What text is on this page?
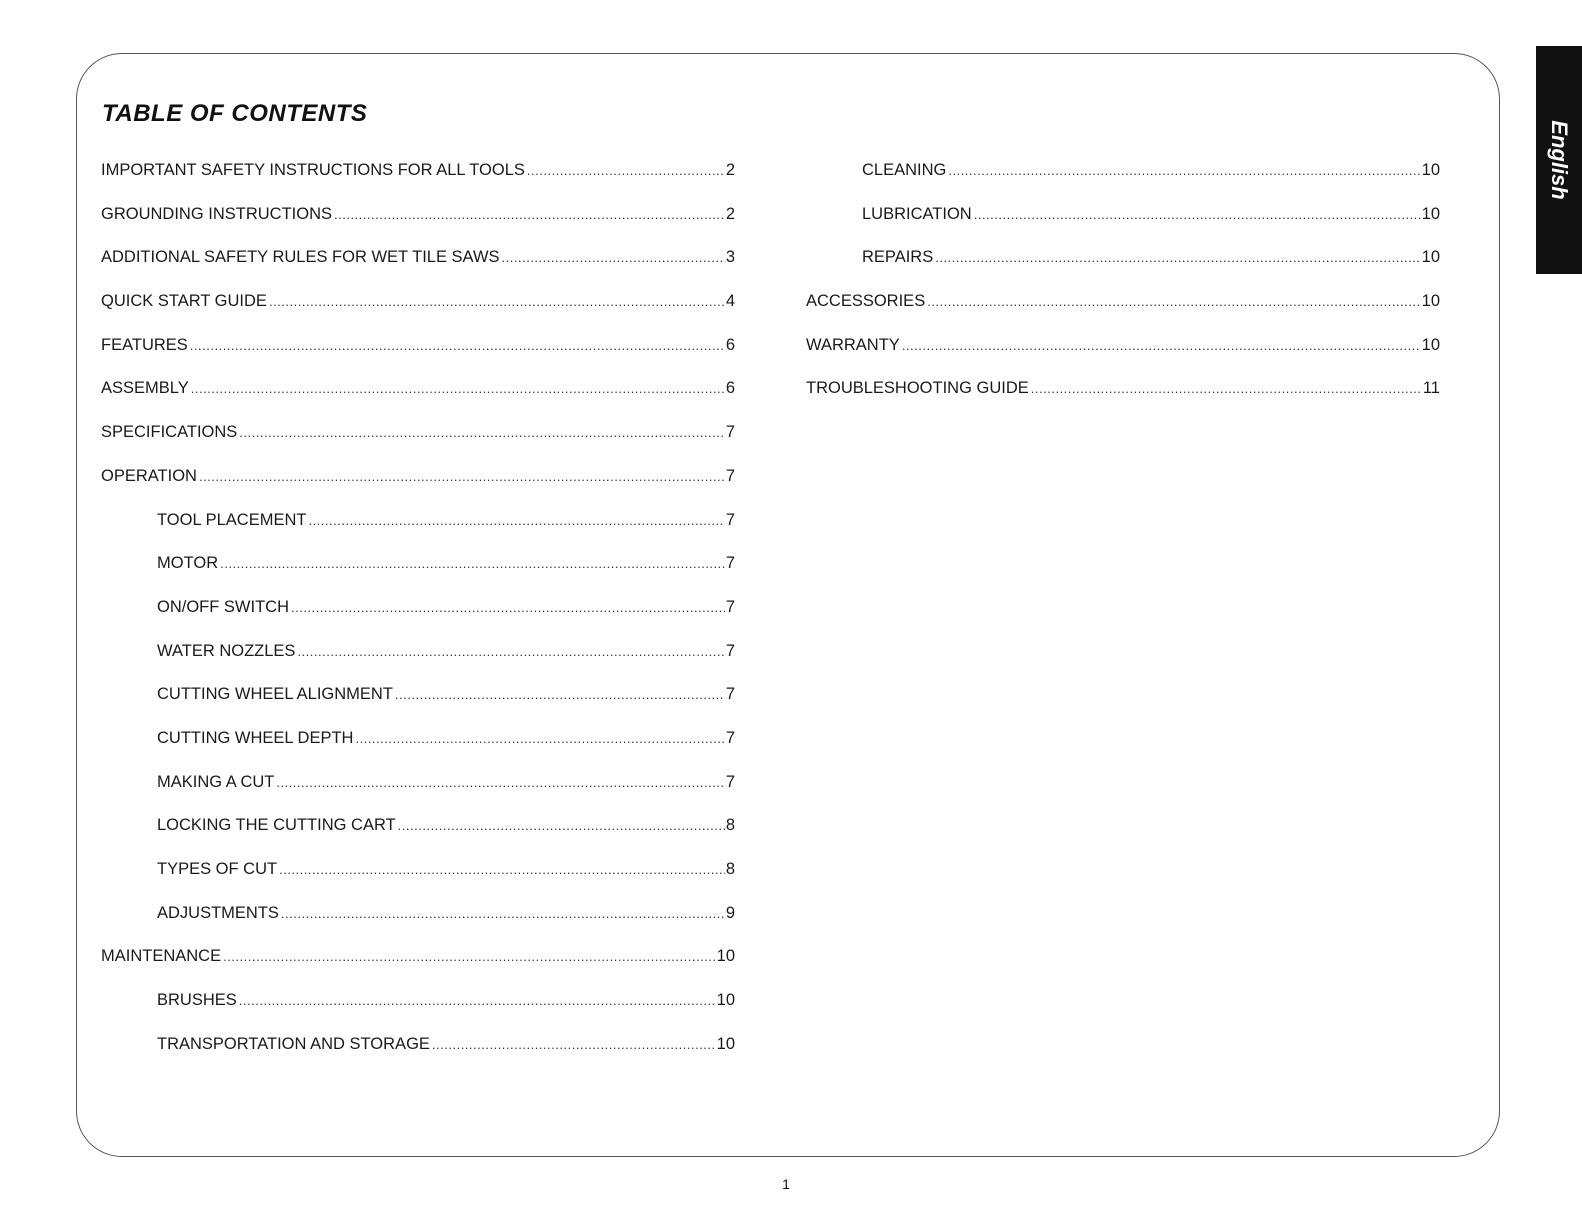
TABLE OF CONTENTS
IMPORTANT SAFETY INSTRUCTIONS FOR ALL TOOLS .....	2
GROUNDING INSTRUCTIONS .....	2
ADDITIONAL SAFETY RULES FOR WET TILE SAWS .....	3
QUICK START GUIDE .....	4
FEATURES .....	6
ASSEMBLY .....	6
SPECIFICATIONS .....	7
OPERATION .....	7
TOOL PLACEMENT .....	7
MOTOR .....	7
ON/OFF SWITCH .....	7
WATER NOZZLES .....	7
CUTTING WHEEL ALIGNMENT .....	7
CUTTING WHEEL DEPTH .....	7
MAKING A CUT .....	7
LOCKING THE CUTTING CART .....	8
TYPES OF CUT .....	8
ADJUSTMENTS .....	9
MAINTENANCE .....	10
BRUSHES .....	10
TRANSPORTATION AND STORAGE .....	10
CLEANING .....	10
LUBRICATION .....	10
REPAIRS .....	10
ACCESSORIES .....	10
WARRANTY .....	10
TROUBLESHOOTING GUIDE .....	11
English
1
